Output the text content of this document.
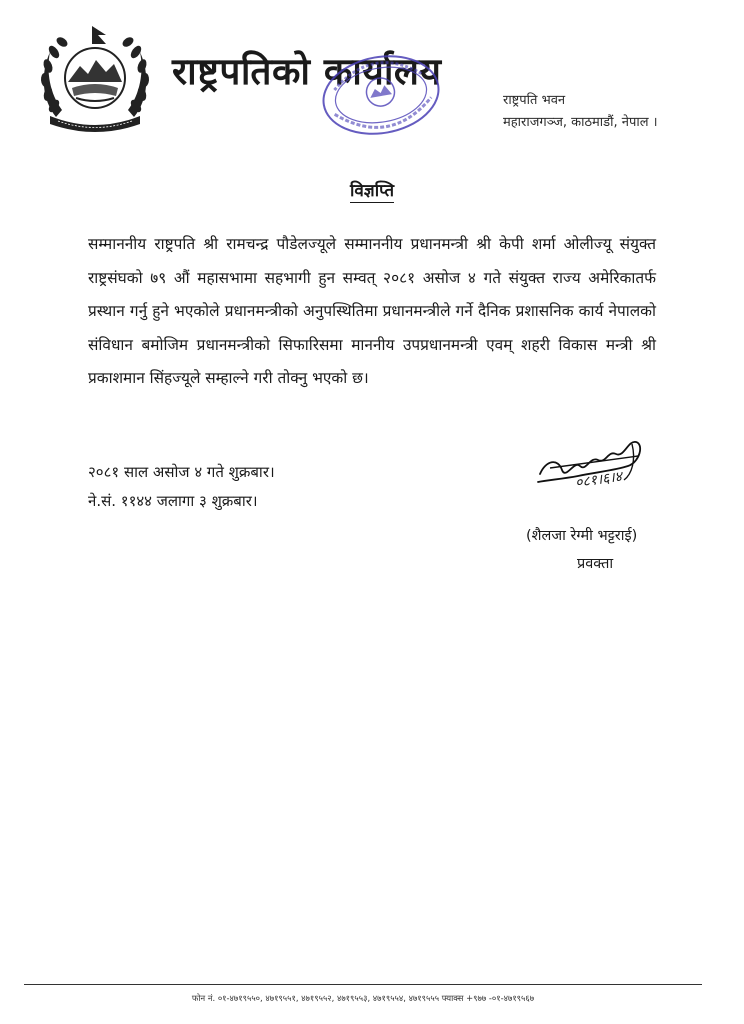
राष्ट्रपतिको कार्यालय
राष्ट्रपति भवन
महाराजगञ्ज, काठमाडौं, नेपाल ।
विज्ञप्ति
सम्माननीय राष्ट्रपति श्री रामचन्द्र पौडेलज्यूले सम्माननीय प्रधानमन्त्री श्री केपी शर्मा ओलीज्यू संयुक्त राष्ट्रसंघको ७९ औं महासभामा सहभागी हुन सम्वत् २०८१ असोज ४ गते संयुक्त राज्य अमेरिकातर्फ प्रस्थान गर्नु हुने भएकोले प्रधानमन्त्रीको अनुपस्थितिमा प्रधानमन्त्रीले गर्ने दैनिक प्रशासनिक कार्य नेपालको संविधान बमोजिम प्रधानमन्त्रीको सिफारिसमा माननीय उपप्रधानमन्त्री एवम् शहरी विकास मन्त्री श्री प्रकाशमान सिंहज्यूले सम्हाल्ने गरी तोक्नु भएको छ।
२०८१ साल असोज ४ गते शुक्रबार।
ने.सं. ११४४ जलागा ३ शुक्रबार।
०८१।६।४
(शैलजा रेग्मी भट्टराई)
प्रवक्ता
फोन नं. ०१-४७१९५५०, ४७१९५५१, ४७१९५५२, ४७१९५५३, ४७१९५५४, ४७१९५५५ फ्याक्स +९७७ -०१-४७१९५६७
